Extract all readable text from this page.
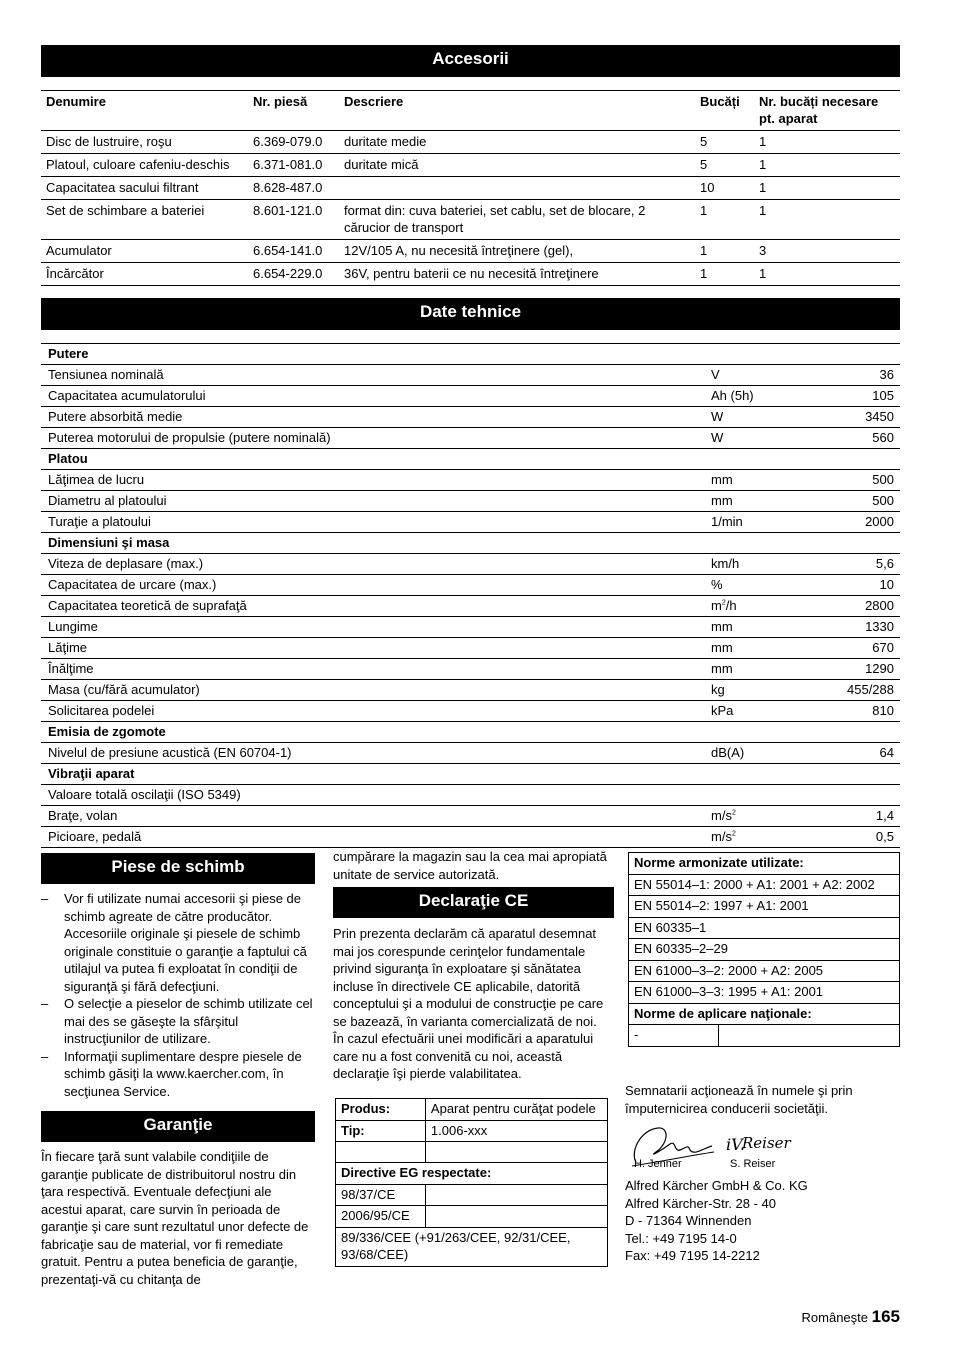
Accesorii
Denumire	Nr. piesă	Descriere	Bucăți	Nr. bucăți necesare pt. aparat
Disc de lustruire, roşu	6.369-079.0	duritate medie	5	1
Platoul, culoare cafeniu-deschis	6.371-081.0	duritate mică	5	1
Capacitatea sacului filtrant	8.628-487.0		10	1
Set de schimbare a bateriei	8.601-121.0	format din: cuva bateriei, set cablu, set de blocare, 2 cărucior de transport	1	1
Acumulator	6.654-141.0	12V/105 A, nu necesită întreţinere (gel),	1	3
Încărcător	6.654-229.0	36V, pentru baterii ce nu necesită întreţinere	1	1
Date tehnice
Putere		
Tensiunea nominală	V	36
Capacitatea acumulatorului	Ah (5h)	105
Putere absorbită medie	W	3450
Puterea motorului de propulsie (putere nominală)	W	560
Platou		
Lăţimea de lucru	mm	500
Diametru al platoului	mm	500
Turaţie a platoului	1/min	2000
Dimensiuni şi masa		
Viteza de deplasare (max.)	km/h	5,6
Capacitatea de urcare (max.)	%	10
Capacitatea teoretică de suprafaţă	$m^2/h$	2800
Lungime	mm	1330
Lăţime	mm	670
Înălţime	mm	1290
Masa (cu/fără acumulator)	kg	455/288
Solicitarea podelei	kPa	810
Emisia de zgomote		
Nivelul de presiune acustică (EN 60704-1)	dB(A)	64
Vibraţii aparat		
Valoare totală oscilaţii (ISO 5349)		
Braţe, volan	$m/s^2$	1,4
Picioare, pedală	$m/s^2$	0,5
Piese de schimb
– Vor fi utilizate numai accesorii şi piese de schimb agreate de către producător. Accesoriile originale şi piesele de schimb originale constituie o garanţie a faptului că utilajul va putea fi exploatat în condiţii de siguranţă şi fără defecţiuni.
– O selecţie a pieselor de schimb utilizate cel mai des se găseşte la sfârşitul instrucţiunilor de utilizare.
– Informaţii suplimentare despre piesele de schimb găsiţi la www.kaercher.com, în secţiunea Service.
Garanţie
În fiecare ţară sunt valabile condiţiile de garanţie publicate de distribuitorul nostru din ţara respectivă. Eventuale defecţiuni ale acestui aparat, care survin în perioada de garanţie şi care sunt rezultatul unor defecte de fabricaţie sau de material, vor fi remediate gratuit. Pentru a putea beneficia de garanţie, prezentaţi-vă cu chitanţa de
cumpărare la magazin sau la cea mai apropiată unitate de service autorizată.
Declaraţie CE
Prin prezenta declarăm că aparatul desemnat mai jos corespunde cerinţelor fundamentale privind siguranţa în exploatare şi sănătatea incluse în directivele CE aplicabile, datorită conceptului şi a modului de construcţie pe care se bazează, în varianta comercializată de noi. În cazul efectuării unei modificări a aparatului care nu a fost convenită cu noi, această declaraţie îşi pierde valabilitatea.
Produs:	Aparat pentru curăţat podele
Tip:	1.006-xxx

Directive EG respectate:	
98/37/CE	
2006/95/CE	
89/336/CEE (+91/263/CEE, 92/31/CEE, 93/68/CEE)	
Norme armonizate utilizate:
EN 55014–1: 2000 + A1: 2001 + A2: 2002
EN 55014–2: 1997 + A1: 2001
EN 60335–1
EN 60335–2–29
EN 61000–3–2: 2000 + A2: 2005
EN 61000–3–3: 1995 + A1: 2001
Norme de aplicare naţionale:
-	
Semnatarii acţionează în numele şi prin împuternicirea conducerii societăţii.
iV.
Reiser
H. Jenner	S. Reiser
Alfred Kärcher GmbH & Co. KG
Alfred Kärcher-Str. 28 - 40
D - 71364 Winnenden
Tel.: +49 7195 14-0
Fax: +49 7195 14-2212
Româneşte 165
